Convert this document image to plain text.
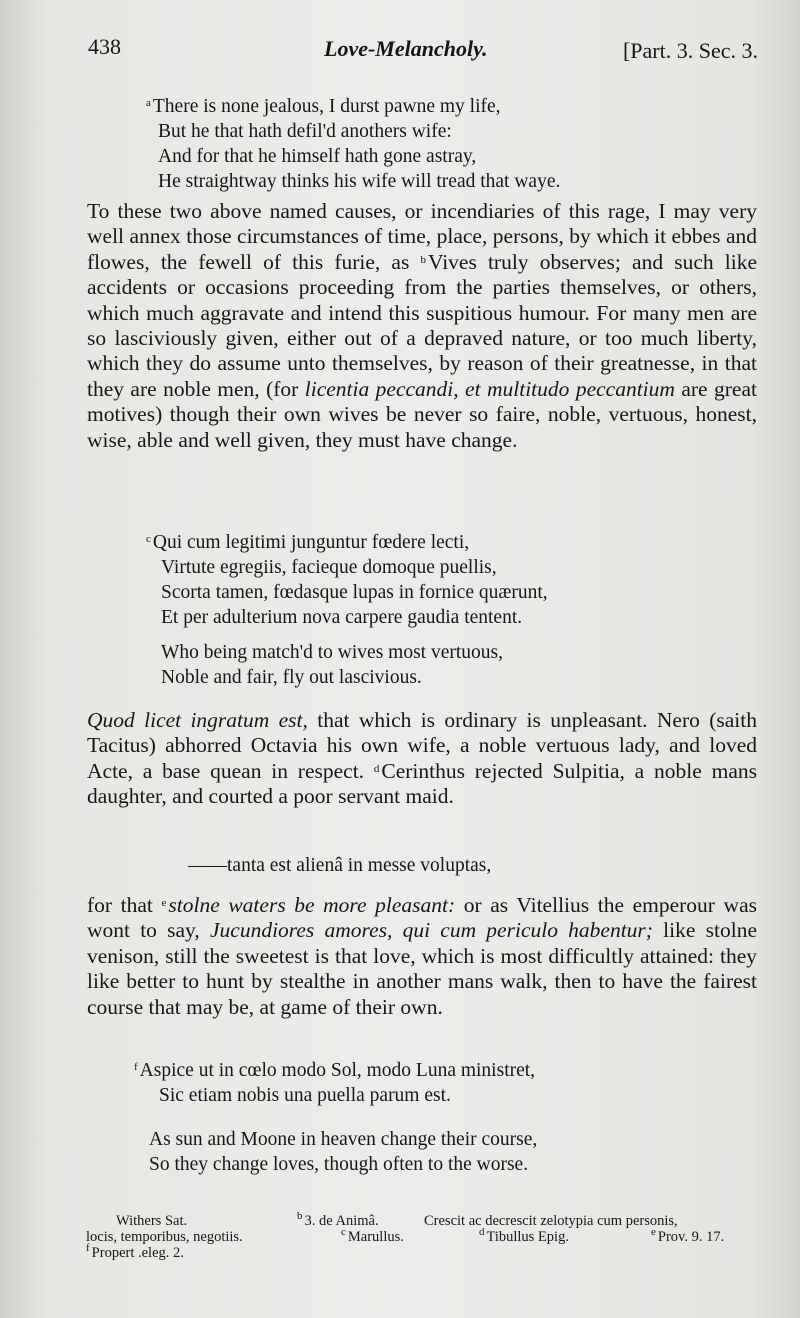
438	Love-Melancholy.	[Part. 3. Sec. 3.
$^a$ There is none jealous, I durst pawne my life,
But he that hath defil'd anothers wife:
And for that he himself hath gone astray,
He straightway thinks his wife will tread that waye.

To these two above named causes, or incendiaries of this rage, I may very well annex those circumstances of time, place, persons, by which it ebbes and flowes, the fewell of this furie, as $^b$Vives truly observes; and such like accidents or occasions proceeding from the parties themselves, or others, which much aggravate and intend this suspitious humour. For many men are so lasciviously given, either out of a depraved nature, or too much liberty, which they do assume unto themselves, by reason of their greatnesse, in that they are noble men, (for licentia peccandi, et multitudo peccantium are great motives) though their own wives be never so faire, noble, vertuous, honest, wise, able and well given, they must have change.

$^c$ Qui cum legitimi junguntur fœdere lecti,
Virtute egregiis, facieque domoque puellis,
Scorta tamen, fœdasque lupas in fornice quærunt,
Et per adulterium nova carpere gaudia tentent.
Who being match'd to wives most vertuous,
Noble and fair, fly out lascivious.

Quod licet ingratum est, that which is ordinary is unpleasant. Nero (saith Tacitus) abhorred Octavia his own wife, a noble vertuous lady, and loved Acte, a base quean in respect. $^d$Cerinthus rejected Sulpitia, a noble mans daughter, and courted a poor servant maid.

——tanta est alienâ in messe voluptas,

for that $^e$stolne waters be more pleasant: or as Vitellius the emperour was wont to say, Jucundiores amores, qui cum periculo habentur; like stolne venison, still the sweetest is that love, which is most difficultly attained: they like better to hunt by stealthe in another mans walk, then to have the fairest course that may be, at game of their own.

$^f$ Aspice ut in cœlo modo Sol, modo Luna ministret,
Sic etiam nobis una puella parum est.
As sun and Moone in heaven change their course,
So they change loves, though often to the worse.
Withers Sat.	$^b$ 3. de Animâ.	Crescit ac decrescit zelotypia cum personis,
locis, temporibus, negotiis.	$^c$ Marullus.	$^d$ Tibullus Epig.	$^e$ Prov. 9. 17.
$^f$ Propert .eleg. 2.
